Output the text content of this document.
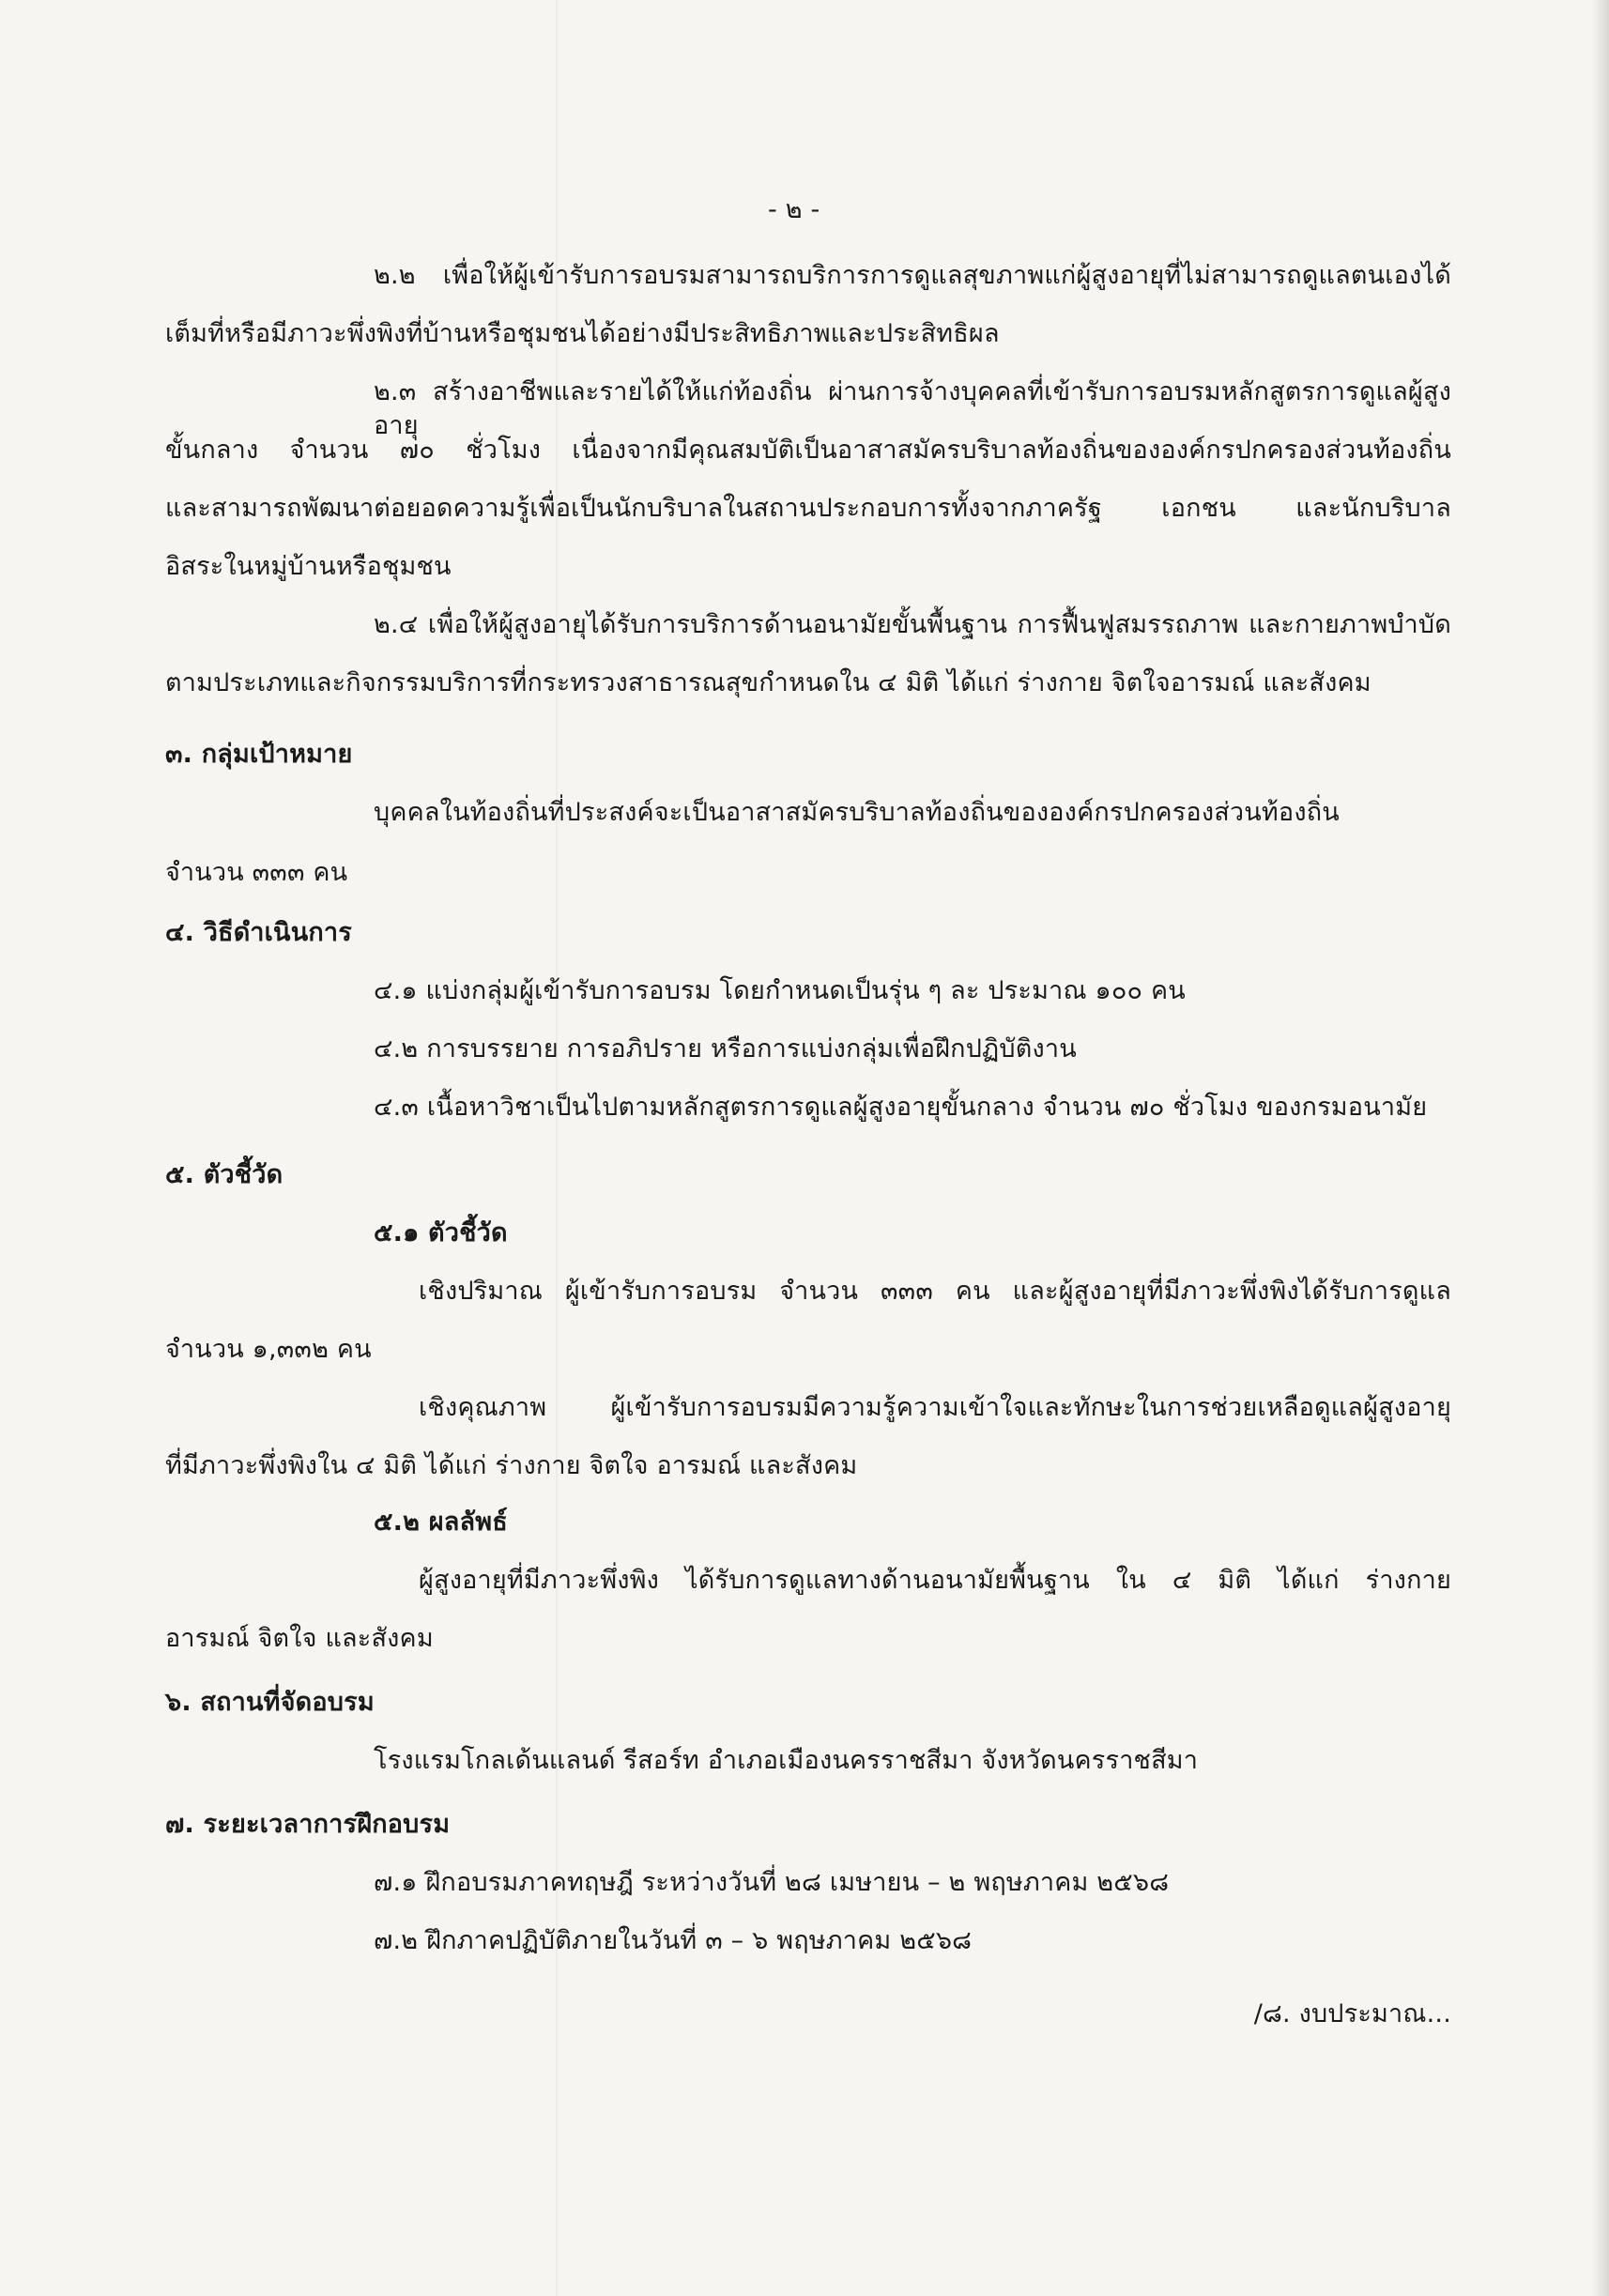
- ๒ -
๒.๒ เพื่อให้ผู้เข้ารับการอบรมสามารถบริการการดูแลสุขภาพแก่ผู้สูงอายุที่ไม่สามารถดูแลตนเองได้
เต็มที่หรือมีภาวะพึ่งพิงที่บ้านหรือชุมชนได้อย่างมีประสิทธิภาพและประสิทธิผล
๒.๓ สร้างอาชีพและรายได้ให้แก่ท้องถิ่น ผ่านการจ้างบุคคลที่เข้ารับการอบรมหลักสูตรการดูแลผู้สูงอายุ
ขั้นกลาง จำนวน ๗๐ ชั่วโมง เนื่องจากมีคุณสมบัติเป็นอาสาสมัครบริบาลท้องถิ่นขององค์กรปกครองส่วนท้องถิ่น
และสามารถพัฒนาต่อยอดความรู้เพื่อเป็นนักบริบาลในสถานประกอบการทั้งจากภาครัฐ เอกชน และนักบริบาล
อิสระในหมู่บ้านหรือชุมชน
๒.๔ เพื่อให้ผู้สูงอายุได้รับการบริการด้านอนามัยขั้นพื้นฐาน การฟื้นฟูสมรรถภาพ และกายภาพบำบัด
ตามประเภทและกิจกรรมบริการที่กระทรวงสาธารณสุขกำหนดใน ๔ มิติ ได้แก่ ร่างกาย จิตใจอารมณ์ และสังคม
๓. กลุ่มเป้าหมาย
บุคคลในท้องถิ่นที่ประสงค์จะเป็นอาสาสมัครบริบาลท้องถิ่นขององค์กรปกครองส่วนท้องถิ่น
จำนวน ๓๓๓ คน
๔. วิธีดำเนินการ
๔.๑ แบ่งกลุ่มผู้เข้ารับการอบรม โดยกำหนดเป็นรุ่น ๆ ละ ประมาณ ๑๐๐ คน
๔.๒ การบรรยาย การอภิปราย หรือการแบ่งกลุ่มเพื่อฝึกปฏิบัติงาน
๔.๓ เนื้อหาวิชาเป็นไปตามหลักสูตรการดูแลผู้สูงอายุขั้นกลาง จำนวน ๗๐ ชั่วโมง ของกรมอนามัย
๕. ตัวชี้วัด
๕.๑ ตัวชี้วัด
เชิงปริมาณ ผู้เข้ารับการอบรม จำนวน ๓๓๓ คน และผู้สูงอายุที่มีภาวะพึ่งพิงได้รับการดูแล
จำนวน ๑,๓๓๒ คน
เชิงคุณภาพ ผู้เข้ารับการอบรมมีความรู้ความเข้าใจและทักษะในการช่วยเหลือดูแลผู้สูงอายุ
ที่มีภาวะพึ่งพิงใน ๔ มิติ ได้แก่ ร่างกาย จิตใจ อารมณ์ และสังคม
๕.๒ ผลลัพธ์
ผู้สูงอายุที่มีภาวะพึ่งพิง ได้รับการดูแลทางด้านอนามัยพื้นฐาน ใน ๔ มิติ ได้แก่ ร่างกาย
อารมณ์ จิตใจ และสังคม
๖. สถานที่จัดอบรม
โรงแรมโกลเด้นแลนด์ รีสอร์ท อำเภอเมืองนครราชสีมา จังหวัดนครราชสีมา
๗. ระยะเวลาการฝึกอบรม
๗.๑ ฝึกอบรมภาคทฤษฎี ระหว่างวันที่ ๒๘ เมษายน – ๒ พฤษภาคม ๒๕๖๘
๗.๒ ฝึกภาคปฏิบัติภายในวันที่ ๓ – ๖ พฤษภาคม ๒๕๖๘
/๘. งบประมาณ...
